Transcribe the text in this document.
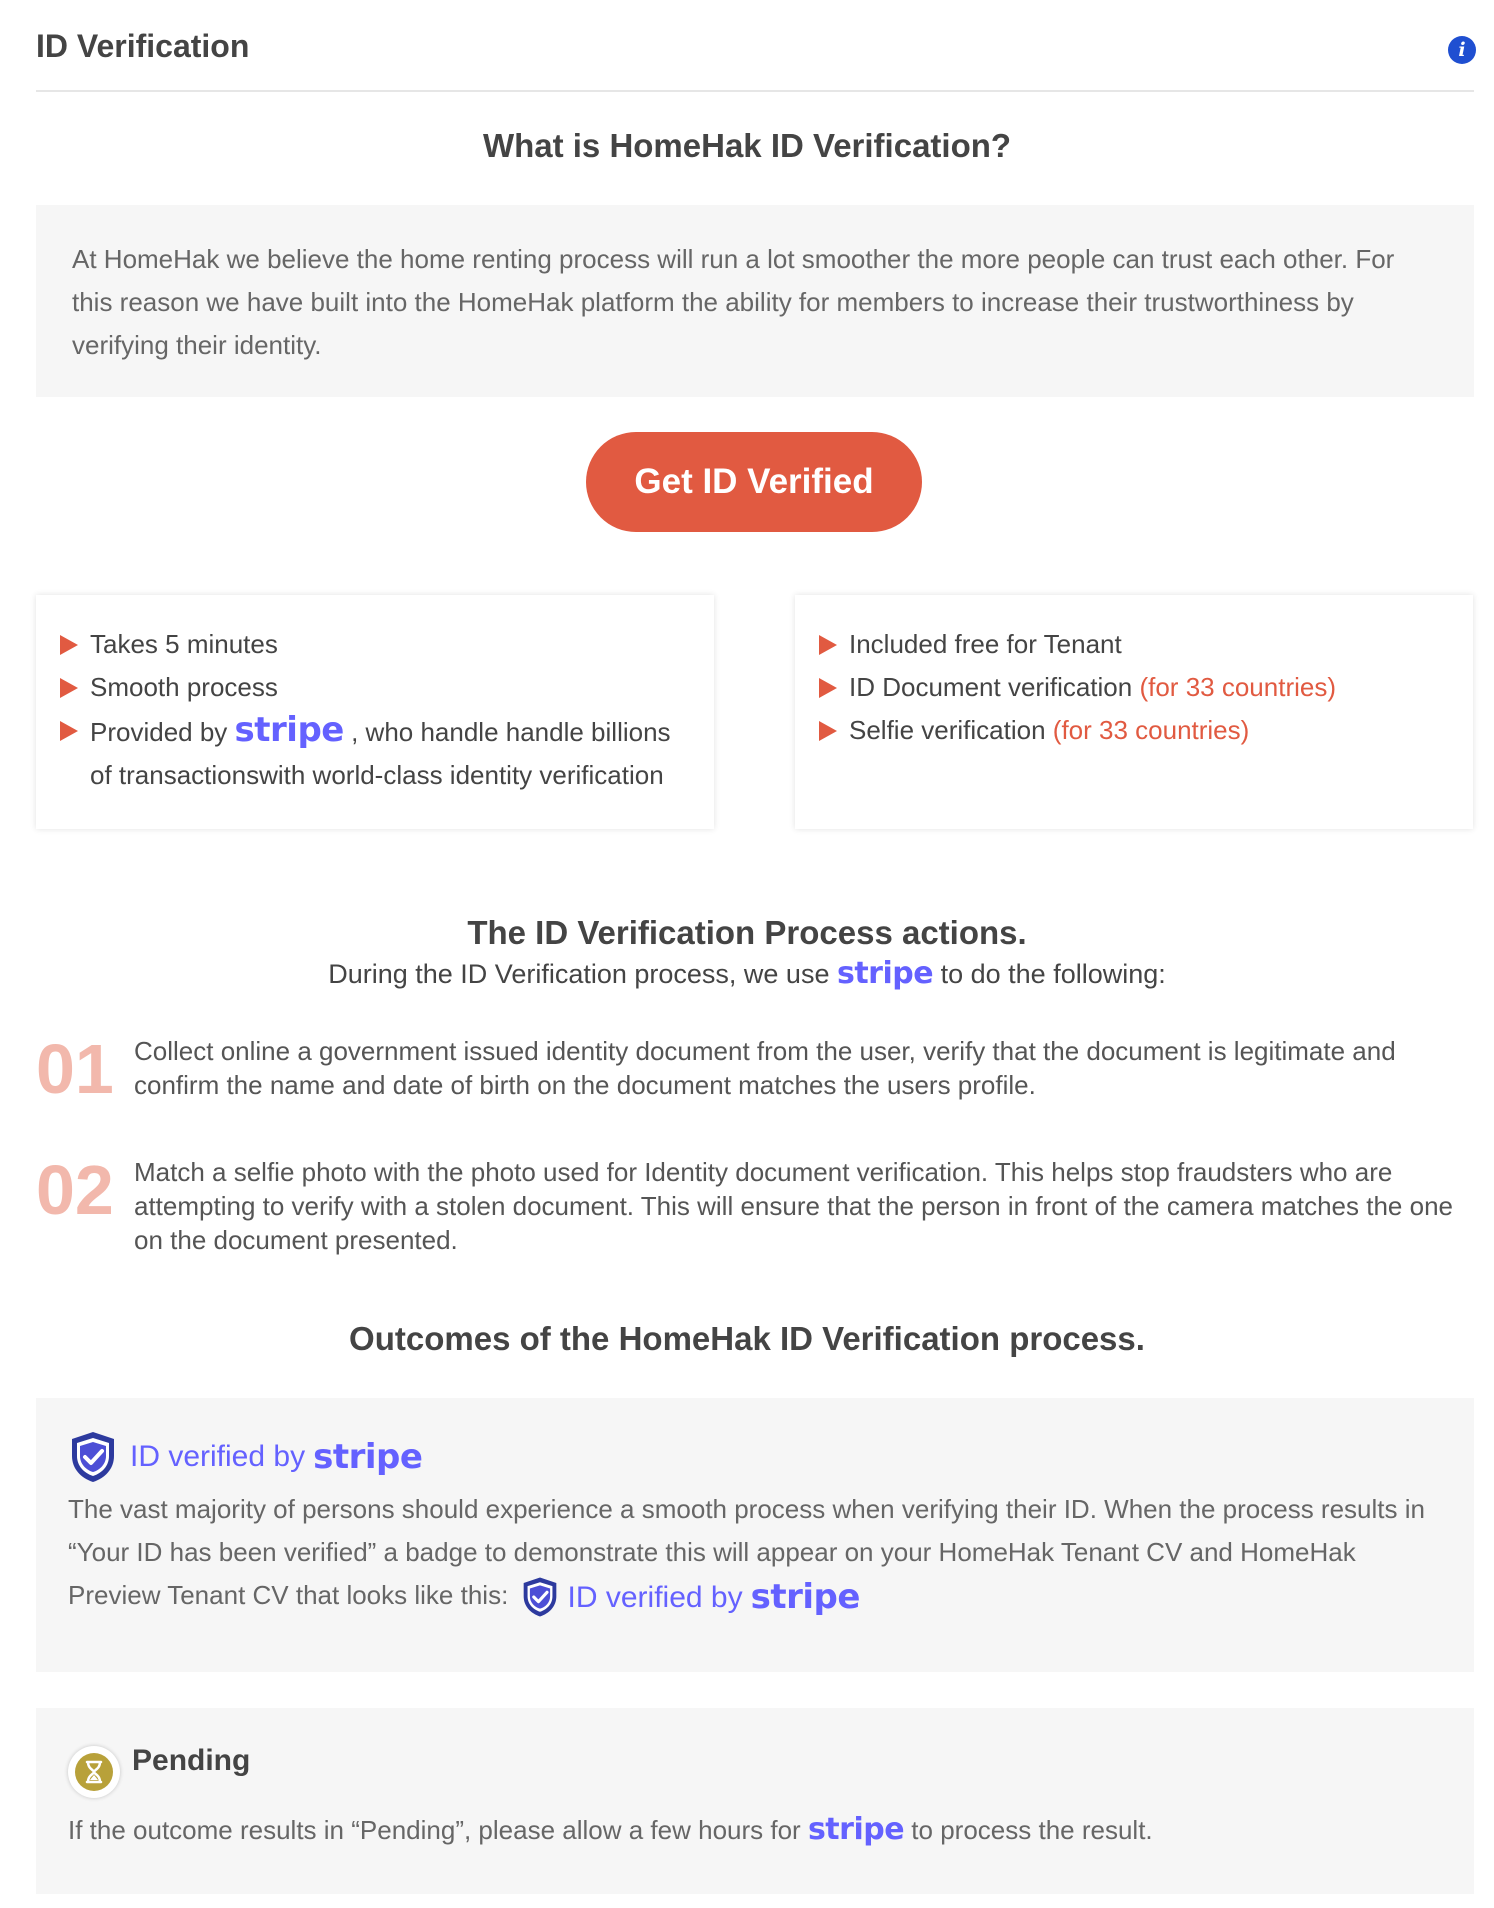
ID Verification	i
What is HomeHak ID Verification?

At HomeHak we believe the home renting process will run a lot smoother the more people can trust each other. For this reason we have built into the HomeHak platform the ability for members to increase their trustworthiness by verifying their identity.

Get ID Verified
Takes 5 minutes
Smooth process
Provided by stripe , who handle handle billions of transactionswith world-class identity verification
Included free for Tenant
ID Document verification (for 33 countries)
Selfie verification (for 33 countries)
The ID Verification Process actions.
During the ID Verification process, we use stripe to do the following:
01 Collect online a government issued identity document from the user, verify that the document is legitimate and confirm the name and date of birth on the document matches the users profile.
02 Match a selfie photo with the photo used for Identity document verification. This helps stop fraudsters who are attempting to verify with a stolen document. This will ensure that the person in front of the camera matches the one on the document presented.
Outcomes of the HomeHak ID Verification process.
ID verified by stripe
The vast majority of persons should experience a smooth process when verifying their ID. When the process results in “Your ID has been verified” a badge to demonstrate this will appear on your HomeHak Tenant CV and HomeHak Preview Tenant CV that looks like this: ID verified by stripe
Pending
If the outcome results in “Pending”, please allow a few hours for stripe to process the result.
